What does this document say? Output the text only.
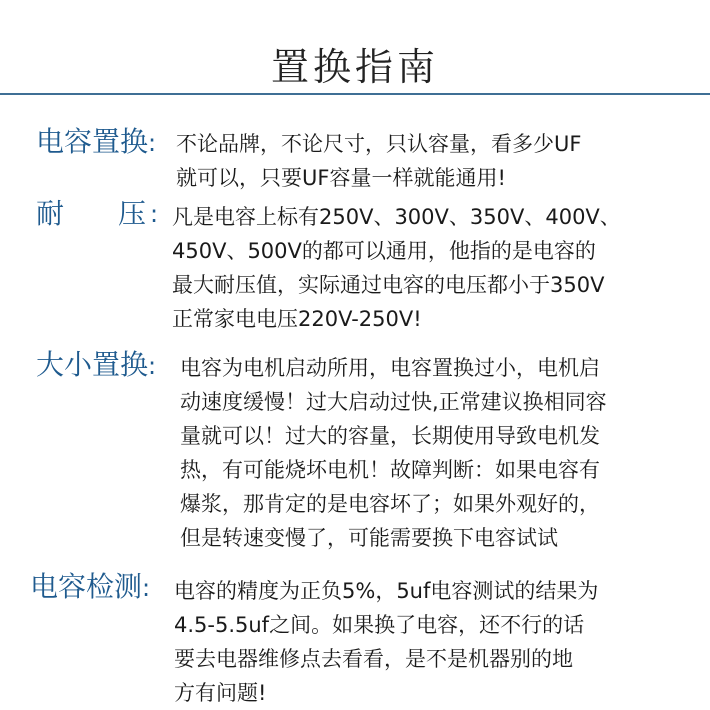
置换指南
电容置换: 不论品牌，不论尺寸，只认容量，看多少UF
就可以，只要UF容量一样就能通用!
耐 压 : 凡是电容上标有250V、300V、350V、400V、
450V、500V的都可以通用，他指的是电容的
最大耐压值，实际通过电容的电压都小于350V
正常家电电压220V-250V!
大小置换: 电容为电机启动所用，电容置换过小，电机启
动速度缓慢！过大启动过快,正常建议换相同容
量就可以！过大的容量，长期使用导致电机发
热，有可能烧坏电机！故障判断：如果电容有
爆浆，那肯定的是电容坏了；如果外观好的，
但是转速变慢了，可能需要换下电容试试
电容检测: 电容的精度为正负5%，5uf电容测试的结果为
4.5-5.5uf之间。如果换了电容，还不行的话
要去电器维修点去看看，是不是机器别的地
方有问题!
